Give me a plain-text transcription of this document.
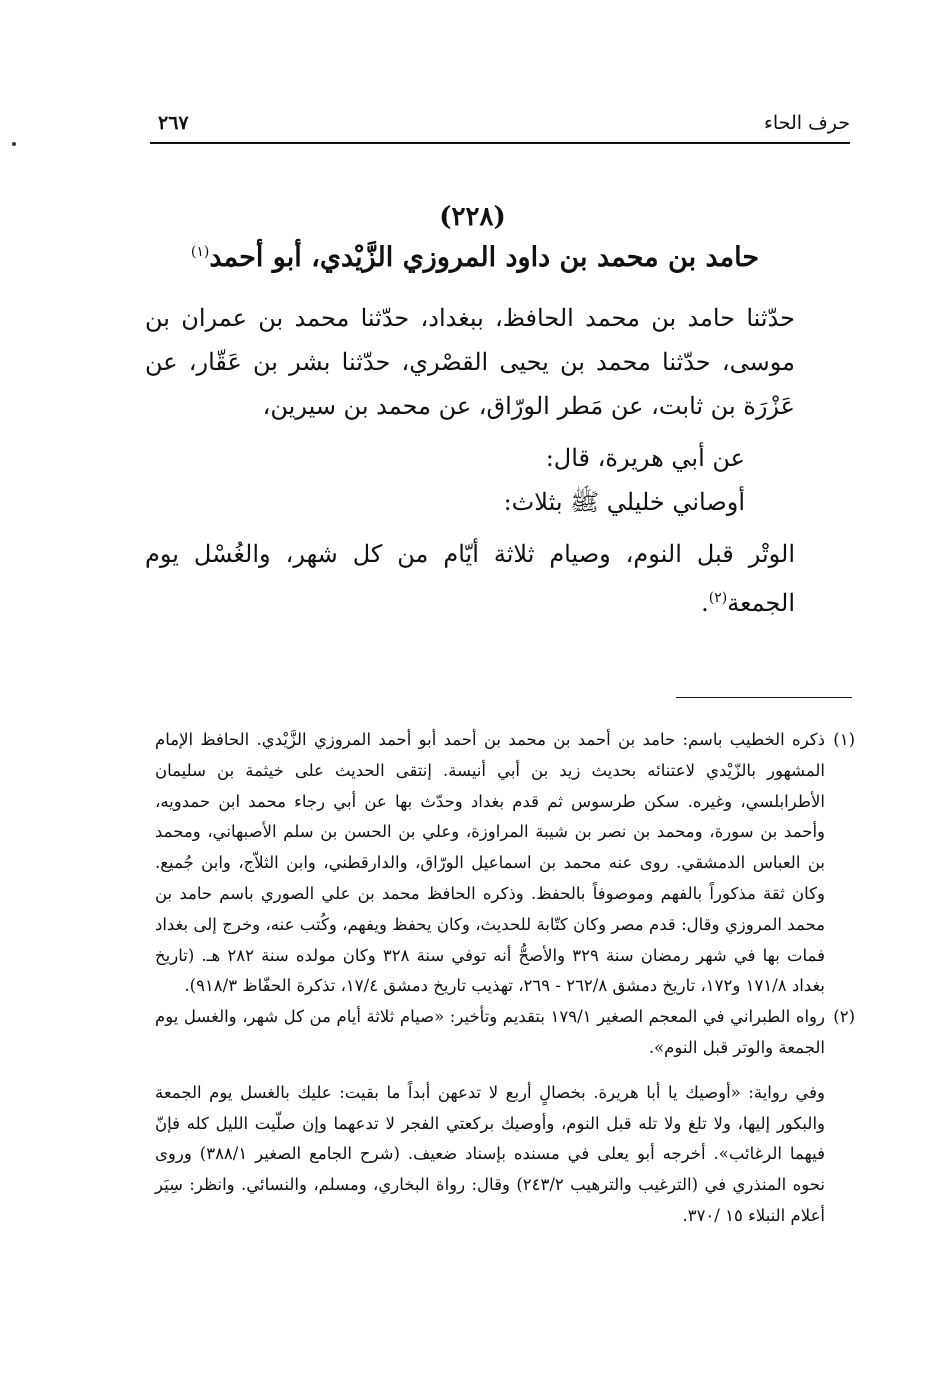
حرف الحاء
٢٦٧
(٢٢٨)
حامد بن محمد بن داود المروزي الزَّيْدي، أبو أحمد$^{(١)}$

حدّثنا حامد بن محمد الحافظ، ببغداد، حدّثنا محمد بن عمران بن موسى، حدّثنا محمد بن يحيى القصْري، حدّثنا بشر بن عَقّار، عن عَزْرَة بن ثابت، عن مَطر الورّاق، عن محمد بن سيرين،

عن أبي هريرة، قال:

أوصاني خليلي ﷺ بثلاث:

الوتْر قبل النوم، وصيام ثلاثة أيّام من كل شهر، والغُسْل يوم الجمعة$^{(٢)}$.

(١)
ذكره الخطيب باسم: حامد بن أحمد بن محمد بن أحمد أبو أحمد المروزي الزَّيْدي. الحافظ الإمام المشهور بالزّيْدي لاعتنائه بحديث زيد بن أبي أنيسة. إنتقى الحديث على خيثمة بن سليمان الأطرابلسي، وغيره. سكن طرسوس ثم قدم بغداد وحدّث بها عن أبي رجاء محمد ابن حمدويه، وأحمد بن سورة، ومحمد بن نصر بن شيبة المراوزة، وعلي بن الحسن بن سلم الأصبهاني، ومحمد بن العباس الدمشقي. روى عنه محمد بن اسماعيل الورّاق، والدارقطني، وابن الثلاّج، وابن جُميع. وكان ثقة مذكوراً بالفهم وموصوفاً بالحفظ. وذكره الحافظ محمد بن علي الصوري باسم حامد بن محمد المروزي وقال: قدم مصر وكان كتّابة للحديث، وكان يحفظ ويفهم، وكُتب عنه، وخرج إلى بغداد فمات بها في شهر رمضان سنة ٣٢٩ والأصحُّ أنه توفي سنة ٣٢٨ وكان مولده سنة ٢٨٢ هـ. (تاريخ بغداد ١٧١/٨ و١٧٢، تاريخ دمشق ٢٦٢/٨ - ٢٦٩، تهذيب تاريخ دمشق ١٧/٤، تذكرة الحفّاظ ٩١٨/٣).
(٢)
رواه الطبراني في المعجم الصغير ١٧٩/١ بتقديم وتأخير: «صيام ثلاثة أيام من كل شهر، والغسل يوم الجمعة والوتر قبل النوم».
وفي رواية: «أوصيك يا أبا هريرة. بخصالٍ أربع لا تدعهن أبداً ما بقيت: عليك بالغسل يوم الجمعة والبكور إليها، ولا تلغ ولا تله قبل النوم، وأوصيك بركعتي الفجر لا تدعهما وإن صلّيت الليل كله فإنّ فيهما الرغائب». أخرجه أبو يعلى في مسنده بإسناد ضعيف. (شرح الجامع الصغير ٣٨٨/١) وروى نحوه المنذري في (الترغيب والترهيب ٢٤٣/٢) وقال: رواة البخاري، ومسلم، والنسائي. وانظر: سِيَر أعلام النبلاء ١٥ /٣٧٠.
